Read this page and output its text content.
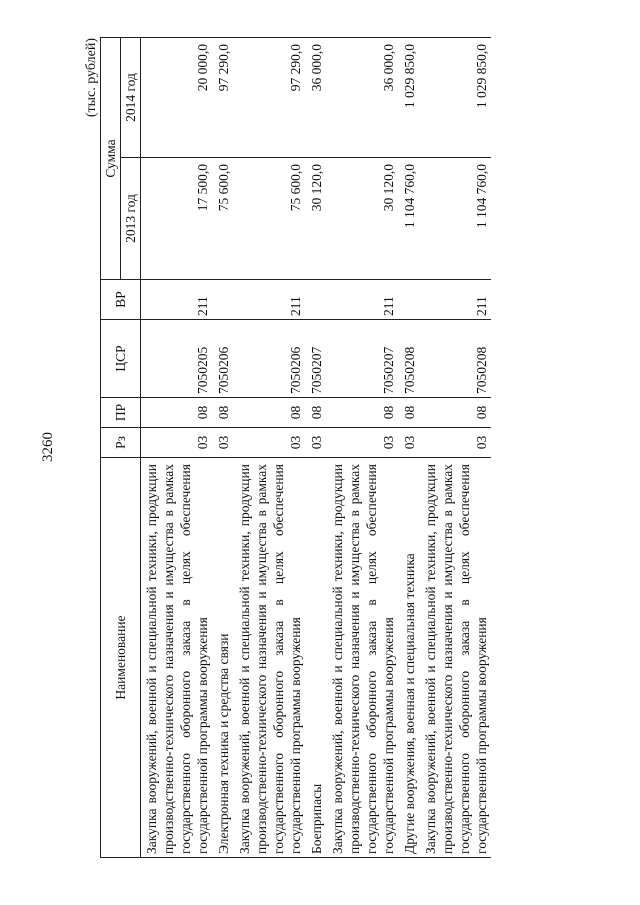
3260
(тыс. рублей)
Наименование	Рз	ПР	ЦСР	ВР	Сумма	
					2013 год	2014 год
Закупка вооружений, военной и специальной техники, продукции производственно-технического назначения и имущества в рамках государственного оборонного заказа в целях обеспечения государственной программы вооружения	03	08	7050205	211	17 500,0	20 000,0
Электронная техника и средства связи	03	08	7050206		75 600,0	97 290,0
Закупка вооружений, военной и специальной техники, продукции производственно-технического назначения и имущества в рамках государственного оборонного заказа в целях обеспечения государственной программы вооружения	03	08	7050206	211	75 600,0	97 290,0
Боеприпасы	03	08	7050207		30 120,0	36 000,0
Закупка вооружений, военной и специальной техники, продукции производственно-технического назначения и имущества в рамках государственного оборонного заказа в целях обеспечения государственной программы вооружения	03	08	7050207	211	30 120,0	36 000,0
Другие вооружения, военная и специальная техника	03	08	7050208		1 104 760,0	1 029 850,0
Закупка вооружений, военной и специальной техники, продукции производственно-технического назначения и имущества в рамках государственного оборонного заказа в целях обеспечения государственной программы вооружения	03	08	7050208	211	1 104 760,0	1 029 850,0
